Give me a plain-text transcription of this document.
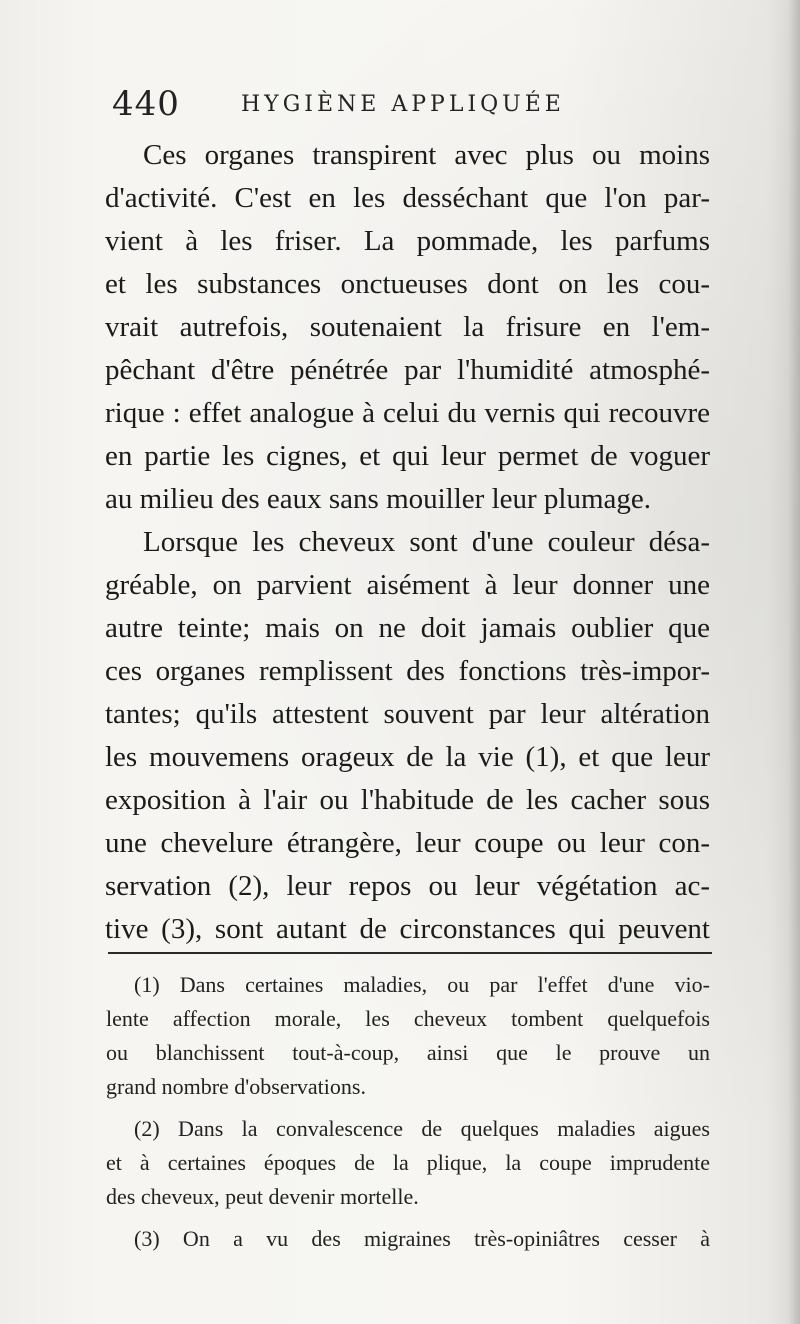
440	HYGIÈNE APPLIQUÉE
Ces organes transpirent avec plus ou moins
d'activité. C'est en les desséchant que l'on par-
vient à les friser. La pommade, les parfums
et les substances onctueuses dont on les cou-
vrait autrefois, soutenaient la frisure en l'em-
pêchant d'être pénétrée par l'humidité atmosphé-
rique : effet analogue à celui du vernis qui recouvre
en partie les cignes, et qui leur permet de voguer
au milieu des eaux sans mouiller leur plumage.
Lorsque les cheveux sont d'une couleur désa-
gréable, on parvient aisément à leur donner une
autre teinte; mais on ne doit jamais oublier que
ces organes remplissent des fonctions très-impor-
tantes; qu'ils attestent souvent par leur altération
les mouvemens orageux de la vie (1), et que leur
exposition à l'air ou l'habitude de les cacher sous
une chevelure étrangère, leur coupe ou leur con-
servation (2), leur repos ou leur végétation ac-
tive (3), sont autant de circonstances qui peuvent
(1) Dans certaines maladies, ou par l'effet d'une vio-
lente affection morale, les cheveux tombent quelquefois
ou blanchissent tout-à-coup, ainsi que le prouve un
grand nombre d'observations.
(2) Dans la convalescence de quelques maladies aigues
et à certaines époques de la plique, la coupe imprudente
des cheveux, peut devenir mortelle.
(3) On a vu des migraines très-opiniâtres cesser à
